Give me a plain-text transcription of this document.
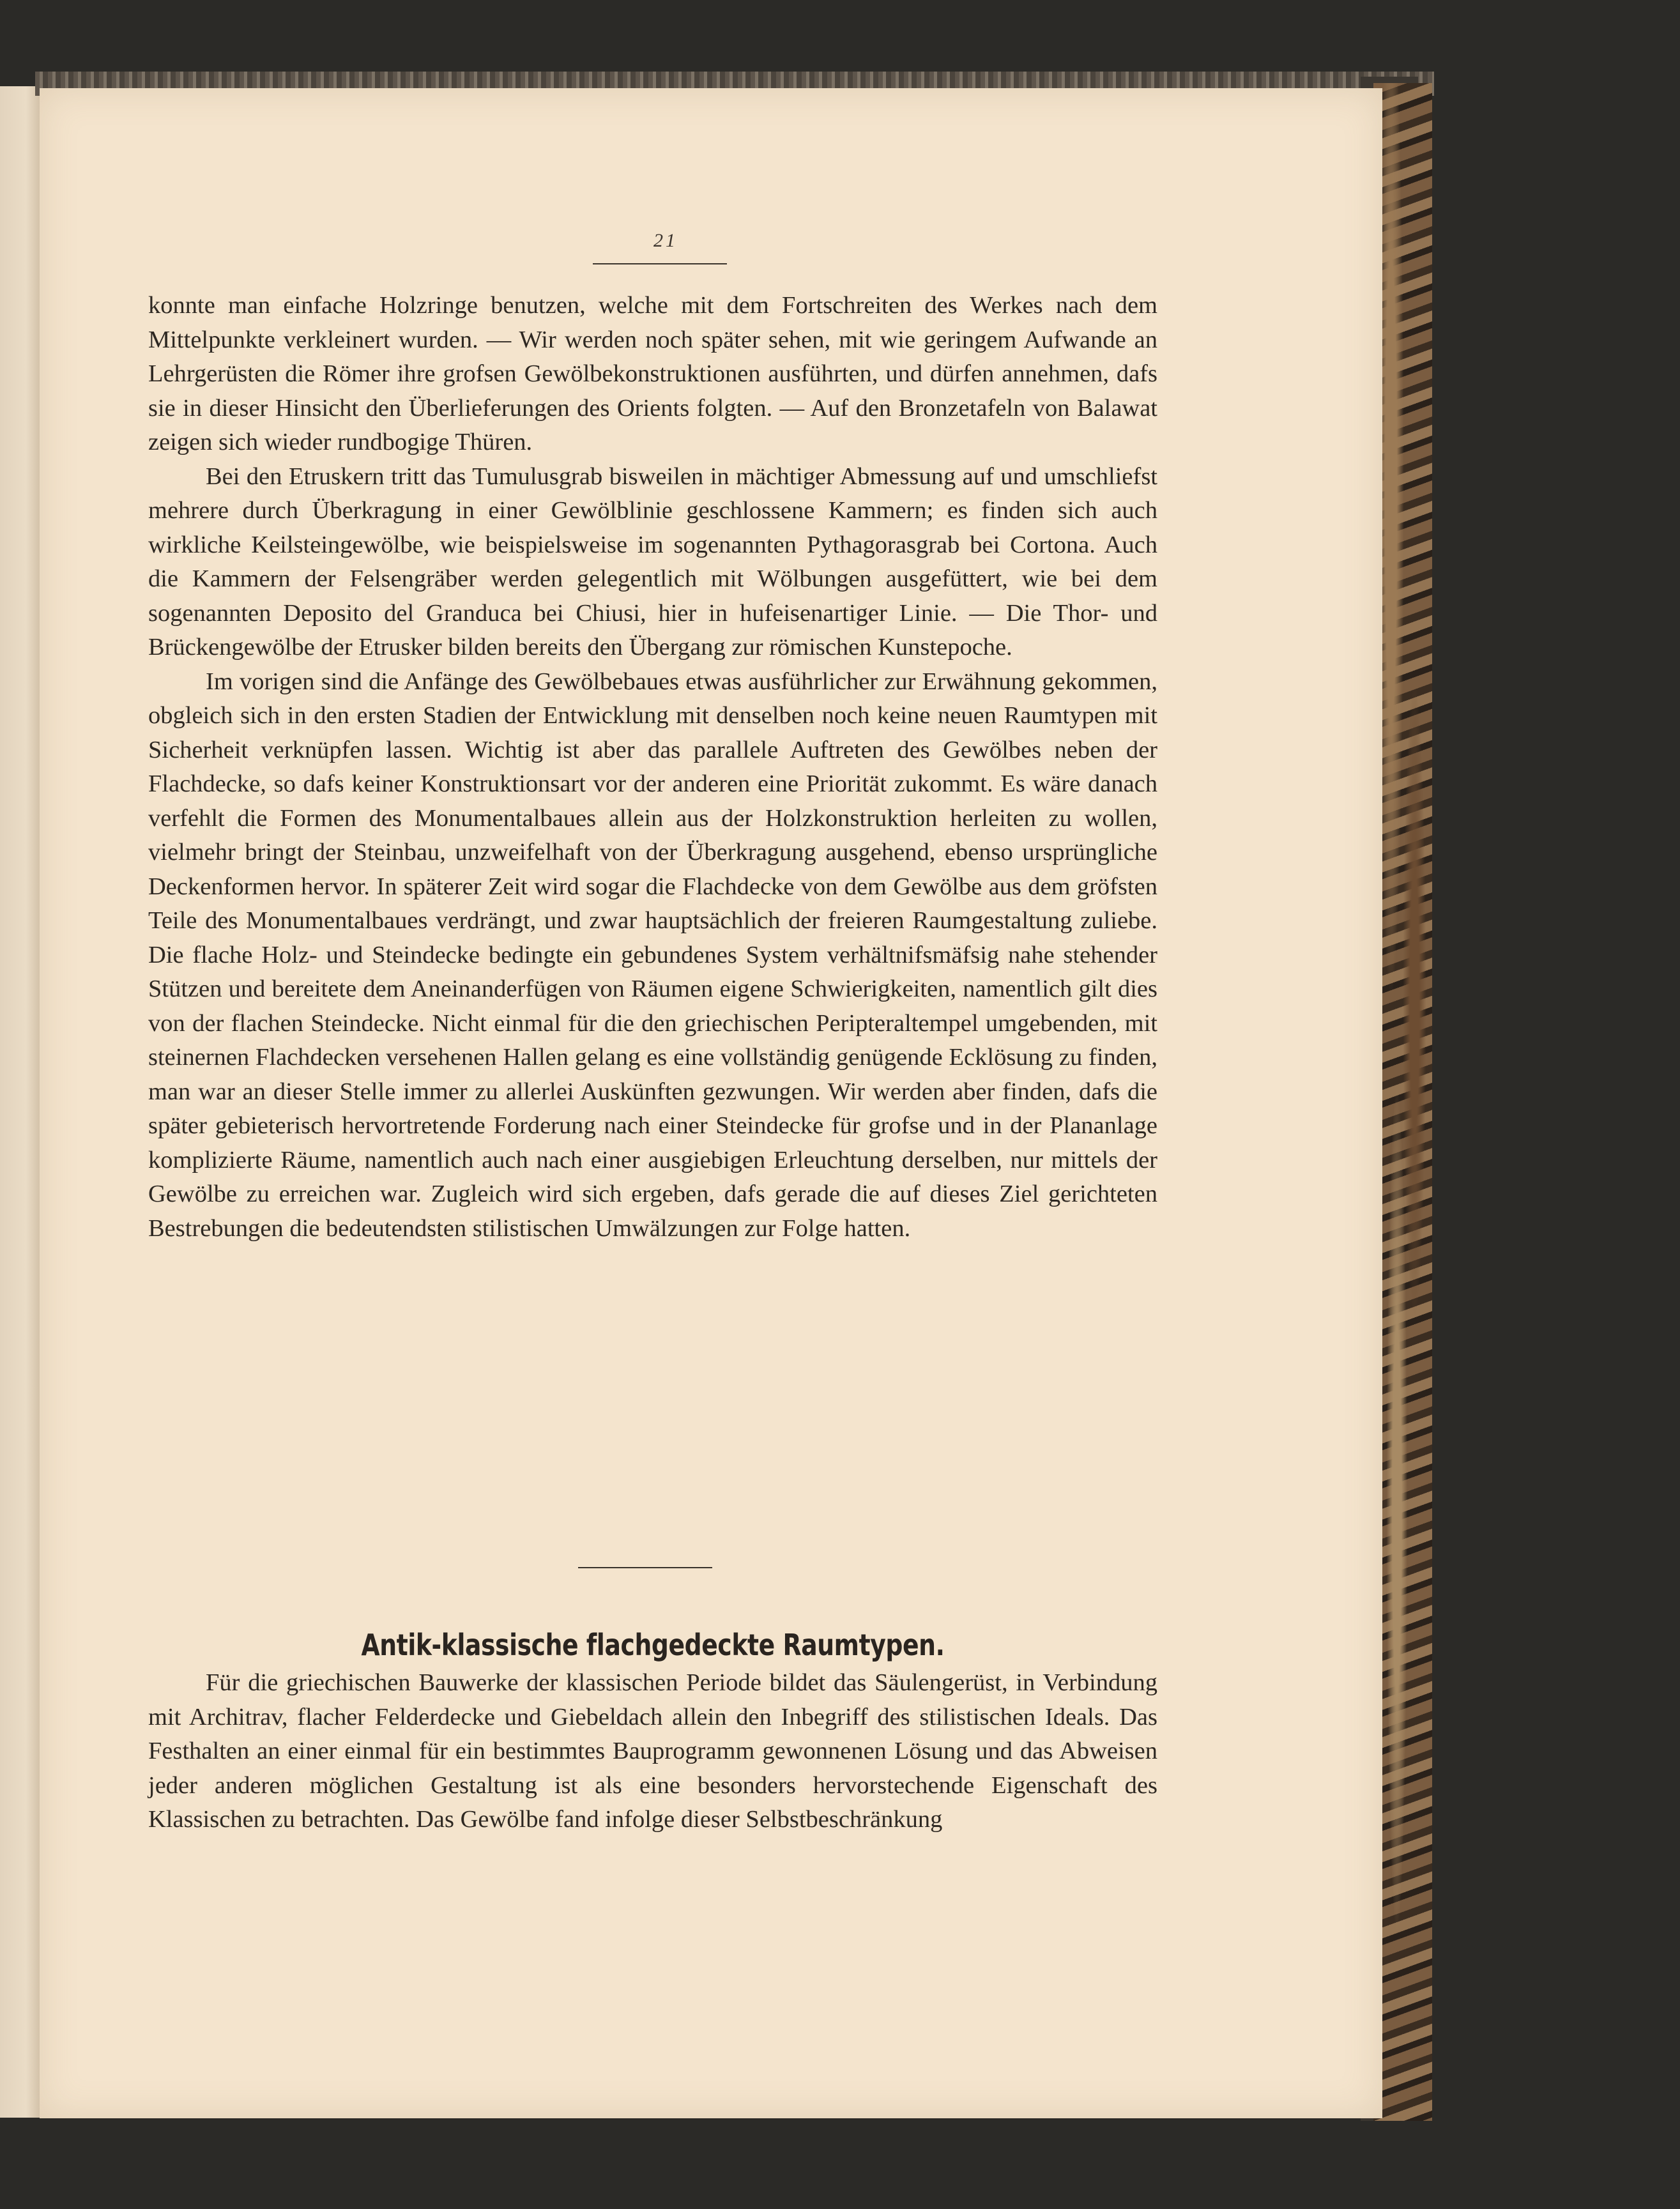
21

konnte man einfache Holzringe benutzen, welche mit dem Fortschreiten des Werkes nach dem Mittelpunkte verkleinert wurden. — Wir werden noch später sehen, mit wie geringem Aufwande an Lehrgerüsten die Römer ihre grofsen Gewölbekonstruktionen ausführten, und dürfen annehmen, dafs sie in dieser Hinsicht den Überlieferungen des Orients folgten. — Auf den Bronzetafeln von Balawat zeigen sich wieder rundbogige Thüren.

Bei den Etruskern tritt das Tumulusgrab bisweilen in mächtiger Abmessung auf und umschliefst mehrere durch Überkragung in einer Gewölblinie geschlossene Kammern; es finden sich auch wirkliche Keilsteingewölbe, wie beispielsweise im sogenannten Pythagorasgrab bei Cortona. Auch die Kammern der Felsengräber werden gelegentlich mit Wölbungen ausgefüttert, wie bei dem sogenannten Deposito del Granduca bei Chiusi, hier in hufeisenartiger Linie. — Die Thor- und Brückengewölbe der Etrusker bilden bereits den Übergang zur römischen Kunstepoche.

Im vorigen sind die Anfänge des Gewölbebaues etwas ausführlicher zur Erwähnung gekommen, obgleich sich in den ersten Stadien der Entwicklung mit denselben noch keine neuen Raumtypen mit Sicherheit verknüpfen lassen. Wichtig ist aber das parallele Auftreten des Gewölbes neben der Flachdecke, so dafs keiner Konstruktionsart vor der anderen eine Priorität zukommt. Es wäre danach verfehlt die Formen des Monumentalbaues allein aus der Holzkonstruktion herleiten zu wollen, vielmehr bringt der Steinbau, unzweifelhaft von der Überkragung ausgehend, ebenso ursprüngliche Deckenformen hervor. In späterer Zeit wird sogar die Flachdecke von dem Gewölbe aus dem gröfsten Teile des Monumentalbaues verdrängt, und zwar hauptsächlich der freieren Raumgestaltung zuliebe. Die flache Holz- und Steindecke bedingte ein gebundenes System verhältnifsmäfsig nahe stehender Stützen und bereitete dem Aneinanderfügen von Räumen eigene Schwierigkeiten, namentlich gilt dies von der flachen Steindecke. Nicht einmal für die den griechischen Peripteraltempel umgebenden, mit steinernen Flachdecken versehenen Hallen gelang es eine vollständig genügende Ecklösung zu finden, man war an dieser Stelle immer zu allerlei Auskünften gezwungen. Wir werden aber finden, dafs die später gebieterisch hervortretende Forderung nach einer Steindecke für grofse und in der Plananlage komplizierte Räume, namentlich auch nach einer ausgiebigen Erleuchtung derselben, nur mittels der Gewölbe zu erreichen war. Zugleich wird sich ergeben, dafs gerade die auf dieses Ziel gerichteten Bestrebungen die bedeutendsten stilistischen Umwälzungen zur Folge hatten.

Antik-klassische flachgedeckte Raumtypen.

Für die griechischen Bauwerke der klassischen Periode bildet das Säulengerüst, in Verbindung mit Architrav, flacher Felderdecke und Giebeldach allein den Inbegriff des stilistischen Ideals. Das Festhalten an einer einmal für ein bestimmtes Bauprogramm gewonnenen Lösung und das Abweisen jeder anderen möglichen Gestaltung ist als eine besonders hervorstechende Eigenschaft des Klassischen zu betrachten. Das Gewölbe fand infolge dieser Selbstbeschränkung
